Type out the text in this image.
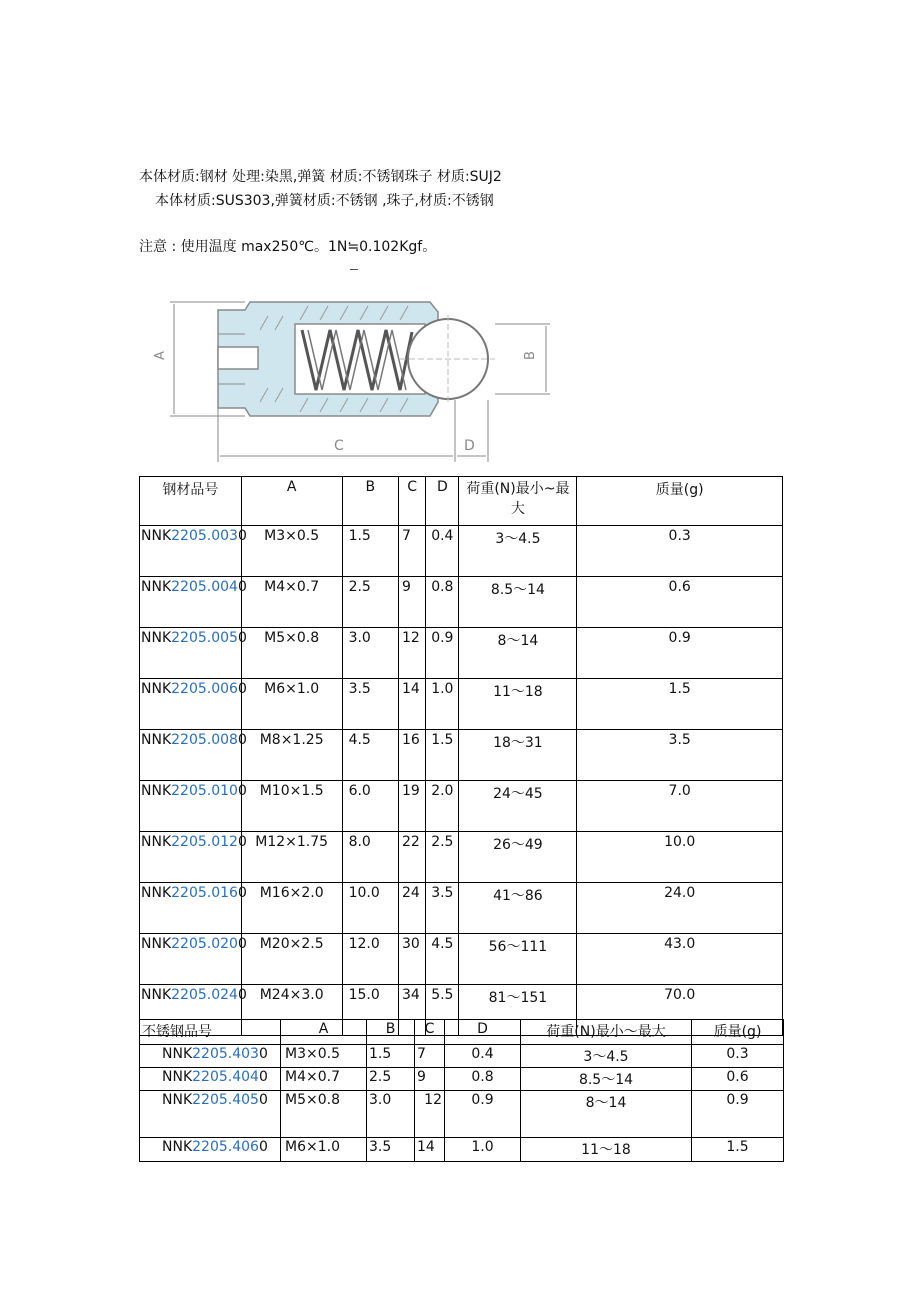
本体材质:钢材 处理:染黑,弹簧 材质:不锈钢珠子 材质:SUJ2
本体材质:SUS303,弹簧材质:不锈钢 ,珠子,材质:不锈钢
注意 : 使用温度 max250℃。1N≒0.102Kgf。
A	B
C	D
钢材品号	A	B	C	D	荷重(N)最小~最大	质量(g)
NNK2205.0030	M3×0.5	1.5	7	0.4	3～4.5	0.3
NNK2205.0040	M4×0.7	2.5	9	0.8	8.5～14	0.6
NNK2205.0050	M5×0.8	3.0	12	0.9	8～14	0.9
NNK2205.0060	M6×1.0	3.5	14	1.0	11～18	1.5
NNK2205.0080	M8×1.25	4.5	16	1.5	18～31	3.5
NNK2205.0100	M10×1.5	6.0	19	2.0	24～45	7.0
NNK2205.0120	M12×1.75	8.0	22	2.5	26～49	10.0
NNK2205.0160	M16×2.0	10.0	24	3.5	41～86	24.0
NNK2205.0200	M20×2.5	12.0	30	4.5	56～111	43.0
NNK2205.0240	M24×3.0	15.0	34	5.5	81～151	70.0
不锈钢品号	A	B	C	D	荷重(N)最小～最大	质量(g)
NNK2205.4030	M3×0.5	1.5	7	0.4	3～4.5	0.3
NNK2205.4040	M4×0.7	2.5	9	0.8	8.5～14	0.6
NNK2205.4050	M5×0.8	3.0	12	0.9	8～14	0.9
NNK2205.4060	M6×1.0	3.5	14	1.0	11～18	1.5
